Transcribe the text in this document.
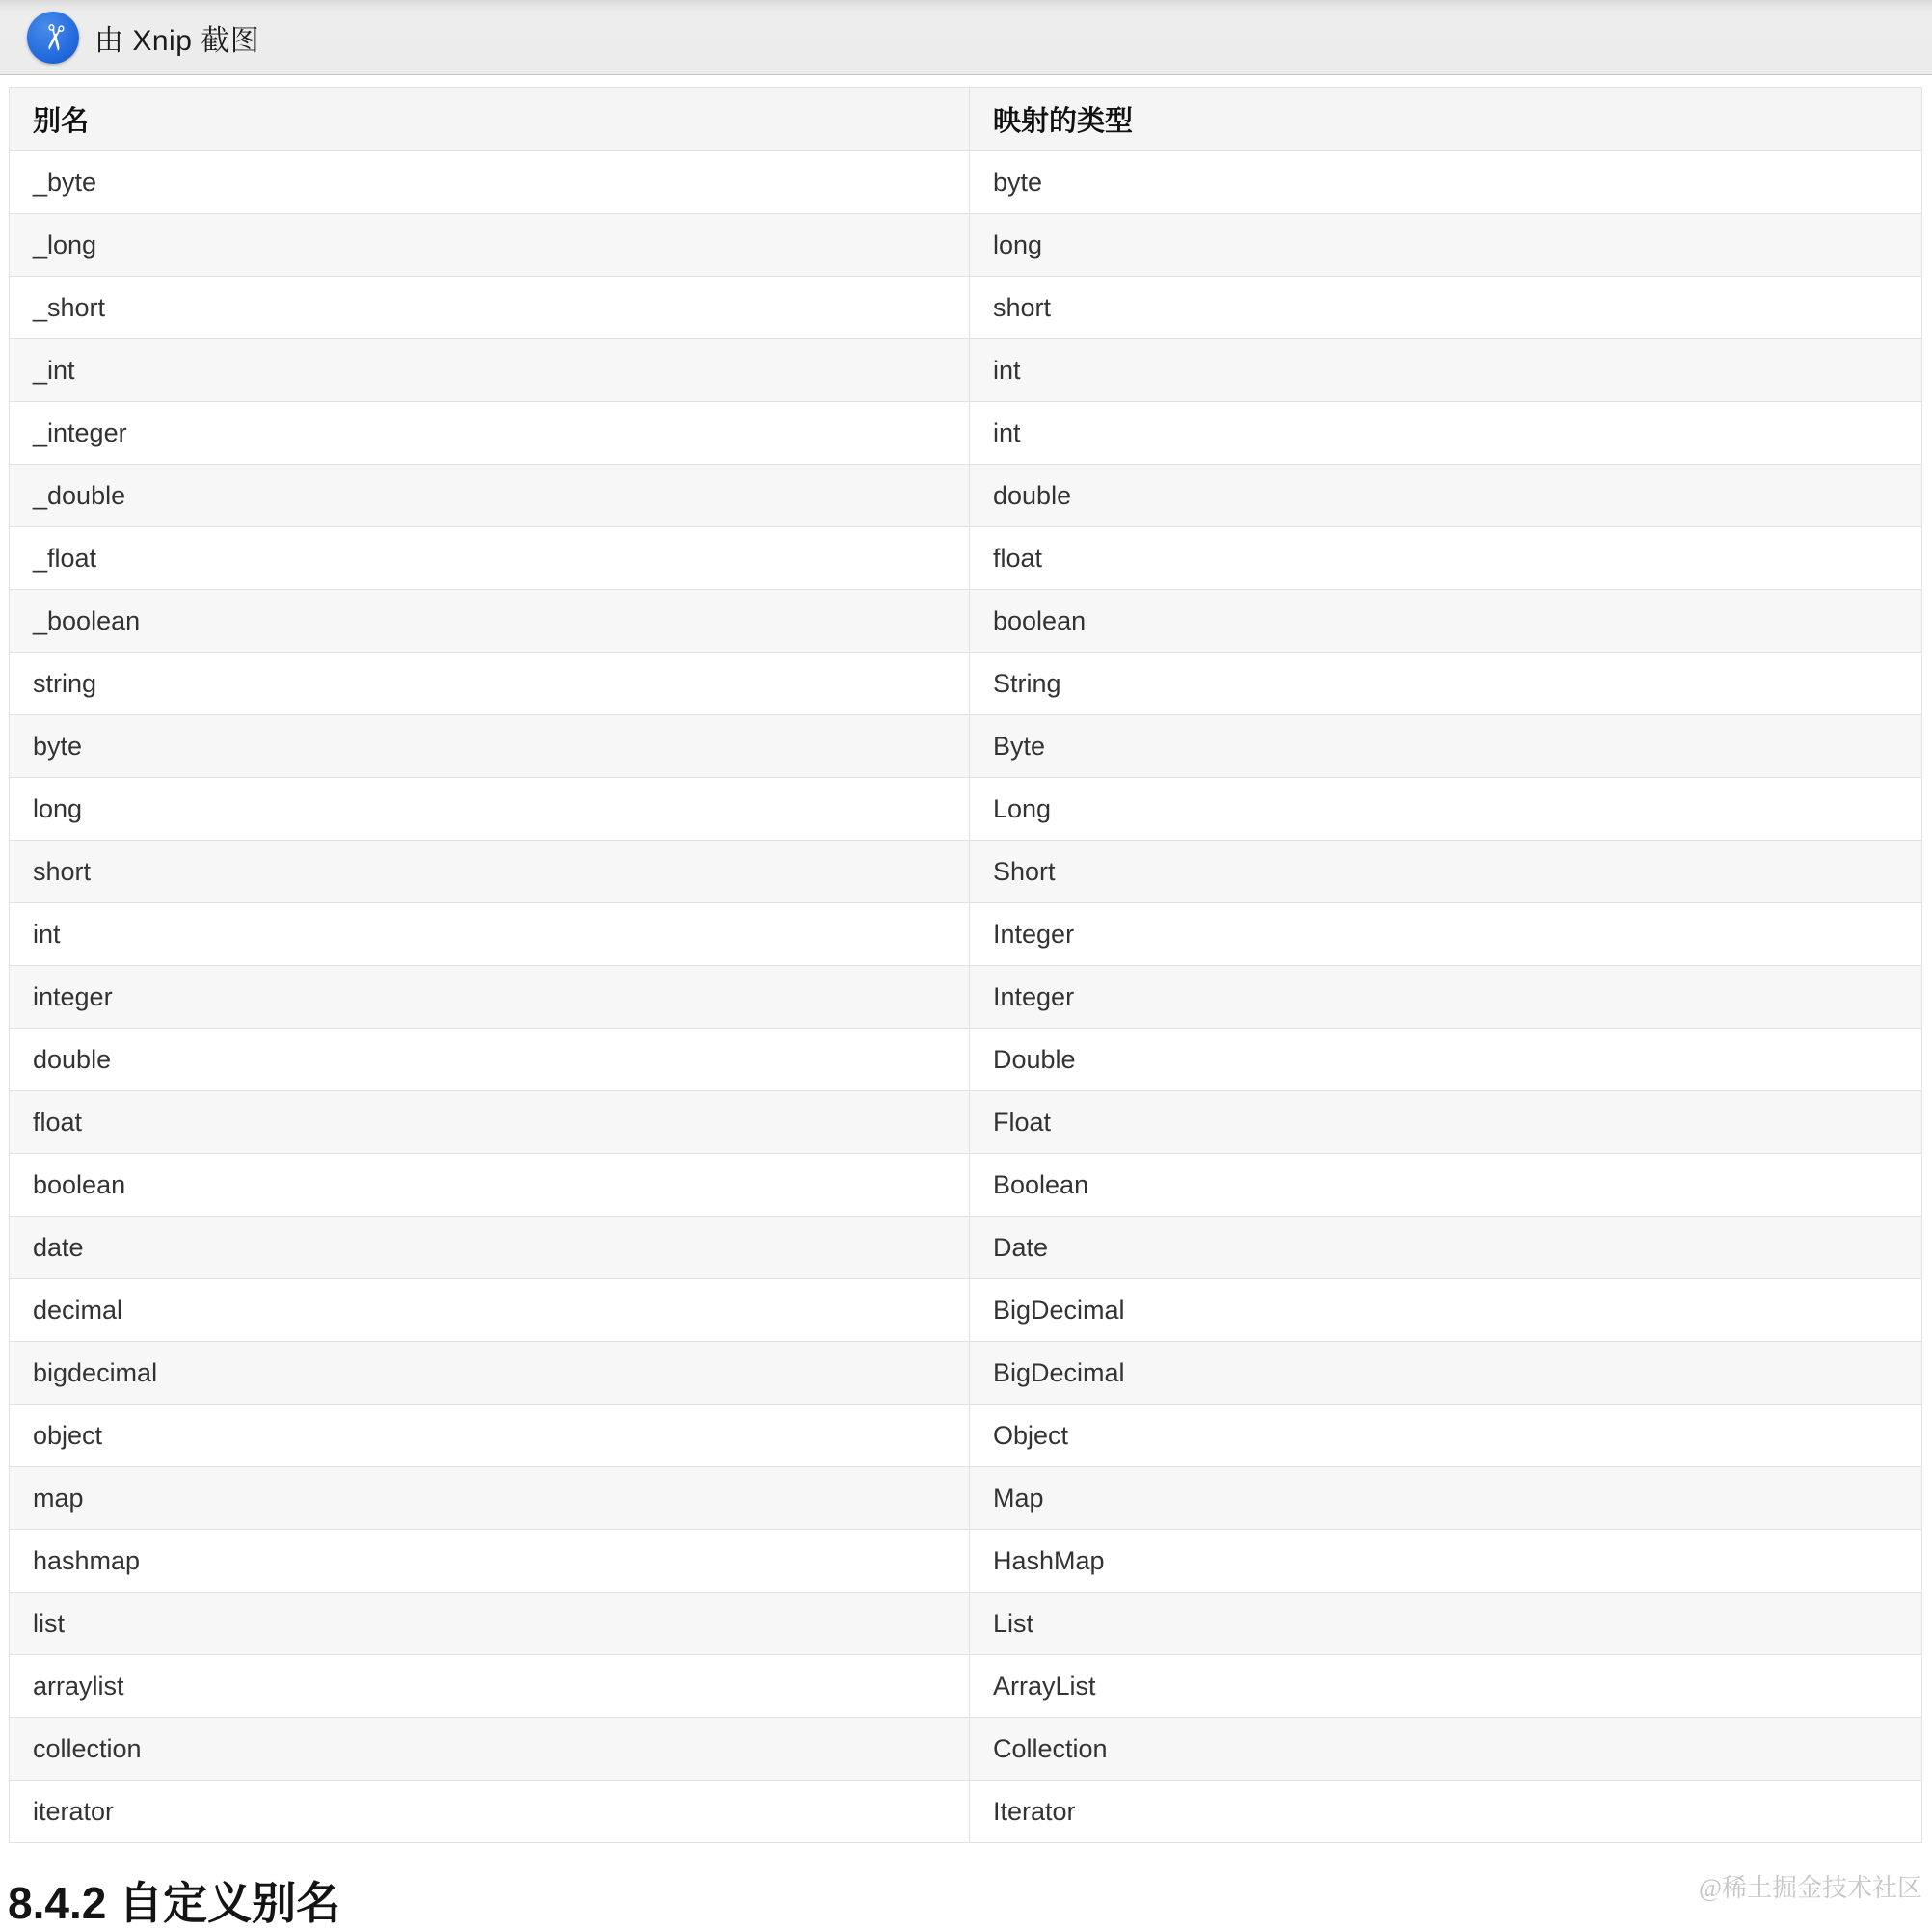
✂ 由 Xnip 截图
别名	映射的类型
_byte	byte
_long	long
_short	short
_int	int
_integer	int
_double	double
_float	float
_boolean	boolean
string	String
byte	Byte
long	Long
short	Short
int	Integer
integer	Integer
double	Double
float	Float
boolean	Boolean
date	Date
decimal	BigDecimal
bigdecimal	BigDecimal
object	Object
map	Map
hashmap	HashMap
list	List
arraylist	ArrayList
collection	Collection
iterator	Iterator
8.4.2 自定义别名	@稀土掘金技术社区
